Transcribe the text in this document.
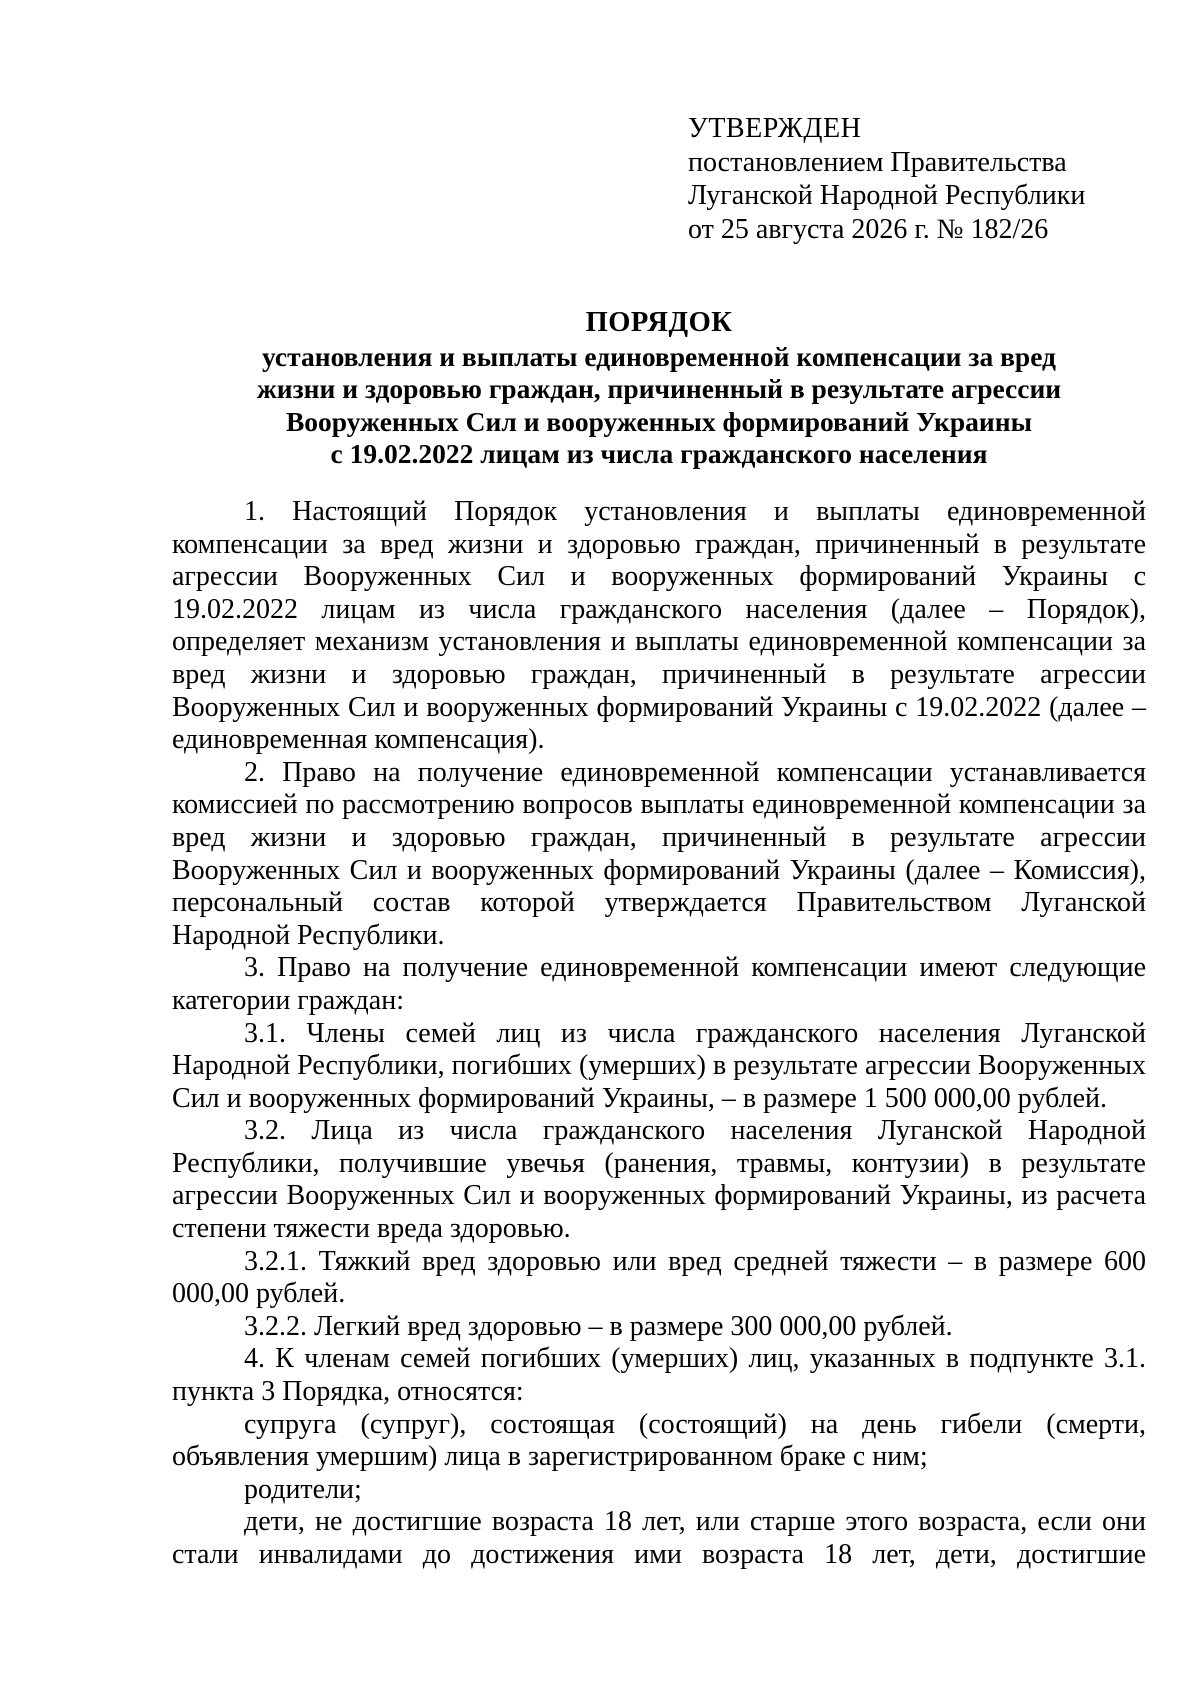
УТВЕРЖДЕН
постановлением Правительства
Луганской Народной Республики
от 25 августа 2026 г. № 182/26
ПОРЯДОК
установления и выплаты единовременной компенсации за вред
жизни и здоровью граждан, причиненный в результате агрессии
Вооруженных Сил и вооруженных формирований Украины
с 19.02.2022 лицам из числа гражданского населения

1. Настоящий Порядок установления и выплаты единовременной компенсации за вред жизни и здоровью граждан, причиненный в результате агрессии Вооруженных Сил и вооруженных формирований Украины с 19.02.2022 лицам из числа гражданского населения (далее – Порядок), определяет механизм установления и выплаты единовременной компенсации за вред жизни и здоровью граждан, причиненный в результате агрессии Вооруженных Сил и вооруженных формирований Украины с 19.02.2022 (далее – единовременная компенсация).

2. Право на получение единовременной компенсации устанавливается комиссией по рассмотрению вопросов выплаты единовременной компенсации за вред жизни и здоровью граждан, причиненный в результате агрессии Вооруженных Сил и вооруженных формирований Украины (далее – Комиссия), персональный состав которой утверждается Правительством Луганской Народной Республики.

3. Право на получение единовременной компенсации имеют следующие категории граждан:

3.1. Члены семей лиц из числа гражданского населения Луганской Народной Республики, погибших (умерших) в результате агрессии Вооруженных Сил и вооруженных формирований Украины, – в размере 1 500 000,00 рублей.

3.2. Лица из числа гражданского населения Луганской Народной Республики, получившие увечья (ранения, травмы, контузии) в результате агрессии Вооруженных Сил и вооруженных формирований Украины, из расчета степени тяжести вреда здоровью.

3.2.1. Тяжкий вред здоровью или вред средней тяжести – в размере 600 000,00 рублей.

3.2.2. Легкий вред здоровью – в размере 300 000,00 рублей.

4. К членам семей погибших (умерших) лиц, указанных в подпункте 3.1. пункта 3 Порядка, относятся:

супруга (супруг), состоящая (состоящий) на день гибели (смерти, объявления умершим) лица в зарегистрированном браке с ним;

родители;

дети, не достигшие возраста 18 лет, или старше этого возраста, если они стали инвалидами до достижения ими возраста 18 лет, дети, достигшие
